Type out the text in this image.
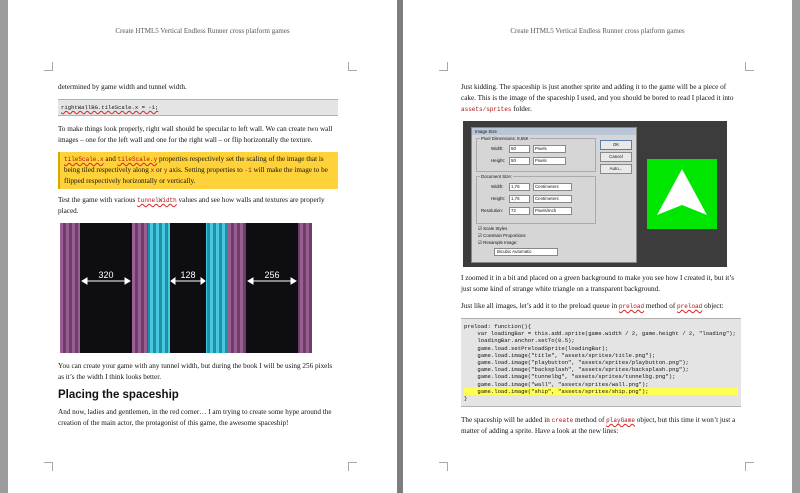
Create HTML5 Vertical Endless Runner cross platform games

determined by game width and tunnel width.

rightWallBG.tileScale.x = -1;

To make things look properly, right wall should be specular to left wall. We can create two wall images – one for the left wall and one for the right wall – or flip horizontally the texture.

tileScale.x and tileScale.y properties respectively set the scaling of the image that is being tiled respectively along x or y axis. Setting properties to -1 will make the image to be flipped respectively horizontally or vertically.

Test the game with various tunnelWidth values and see how walls and textures are properly placed.

320	128	256

You can create your game with any tunnel width, but during the book I will be using 256 pixels as it’s the width I think looks better.

Placing the spaceship

And now, ladies and gentlemen, in the red corner… I am trying to create some hype around the creation of the main actor, the protagonist of this game, the awesome spaceship!

Create HTML5 Vertical Endless Runner cross platform games

Just kidding. The spaceship is just another sprite and adding it to the game will be a piece of cake. This is the image of the spaceship I used, and you should be bored to read I placed it into assets/sprites folder.

Image Size
Pixel Dimensions: 8,55K
Width:	50	Pixels
Height:	50	Pixels
Document Size:
Width:	1,76	Centimeters
Height:	1,76	Centimeters
Resolution:	72	Pixels/Inch
☑ Scale Styles
☑ Constrain Proportions
☑ Resample Image:
Bicubic Automatic
OK
Cancel
Auto...

I zoomed it in a bit and placed on a green background to make you see how I created it, but it’s just some kind of strange white triangle on a transparent background.

Just like all images, let’s add it to the preload queue in preload method of preload object:

preload: function(){
var loadingBar = this.add.sprite(game.width / 2, game.height / 2, "loading");
loadingBar.anchor.setTo(0.5);
game.load.setPreloadSprite(loadingBar);
game.load.image("title", "assets/sprites/title.png");
game.load.image("playbutton", "assets/sprites/playbutton.png");
game.load.image("backsplash", "assets/sprites/backsplash.png");
game.load.image("tunnelbg", "assets/sprites/tunnelbg.png");
game.load.image("wall", "assets/sprites/wall.png");
game.load.image("ship", "assets/sprites/ship.png");
}

The spaceship will be added in create method of playGame object, but this time it won’t just a matter of adding a sprite. Have a look at the new lines:
